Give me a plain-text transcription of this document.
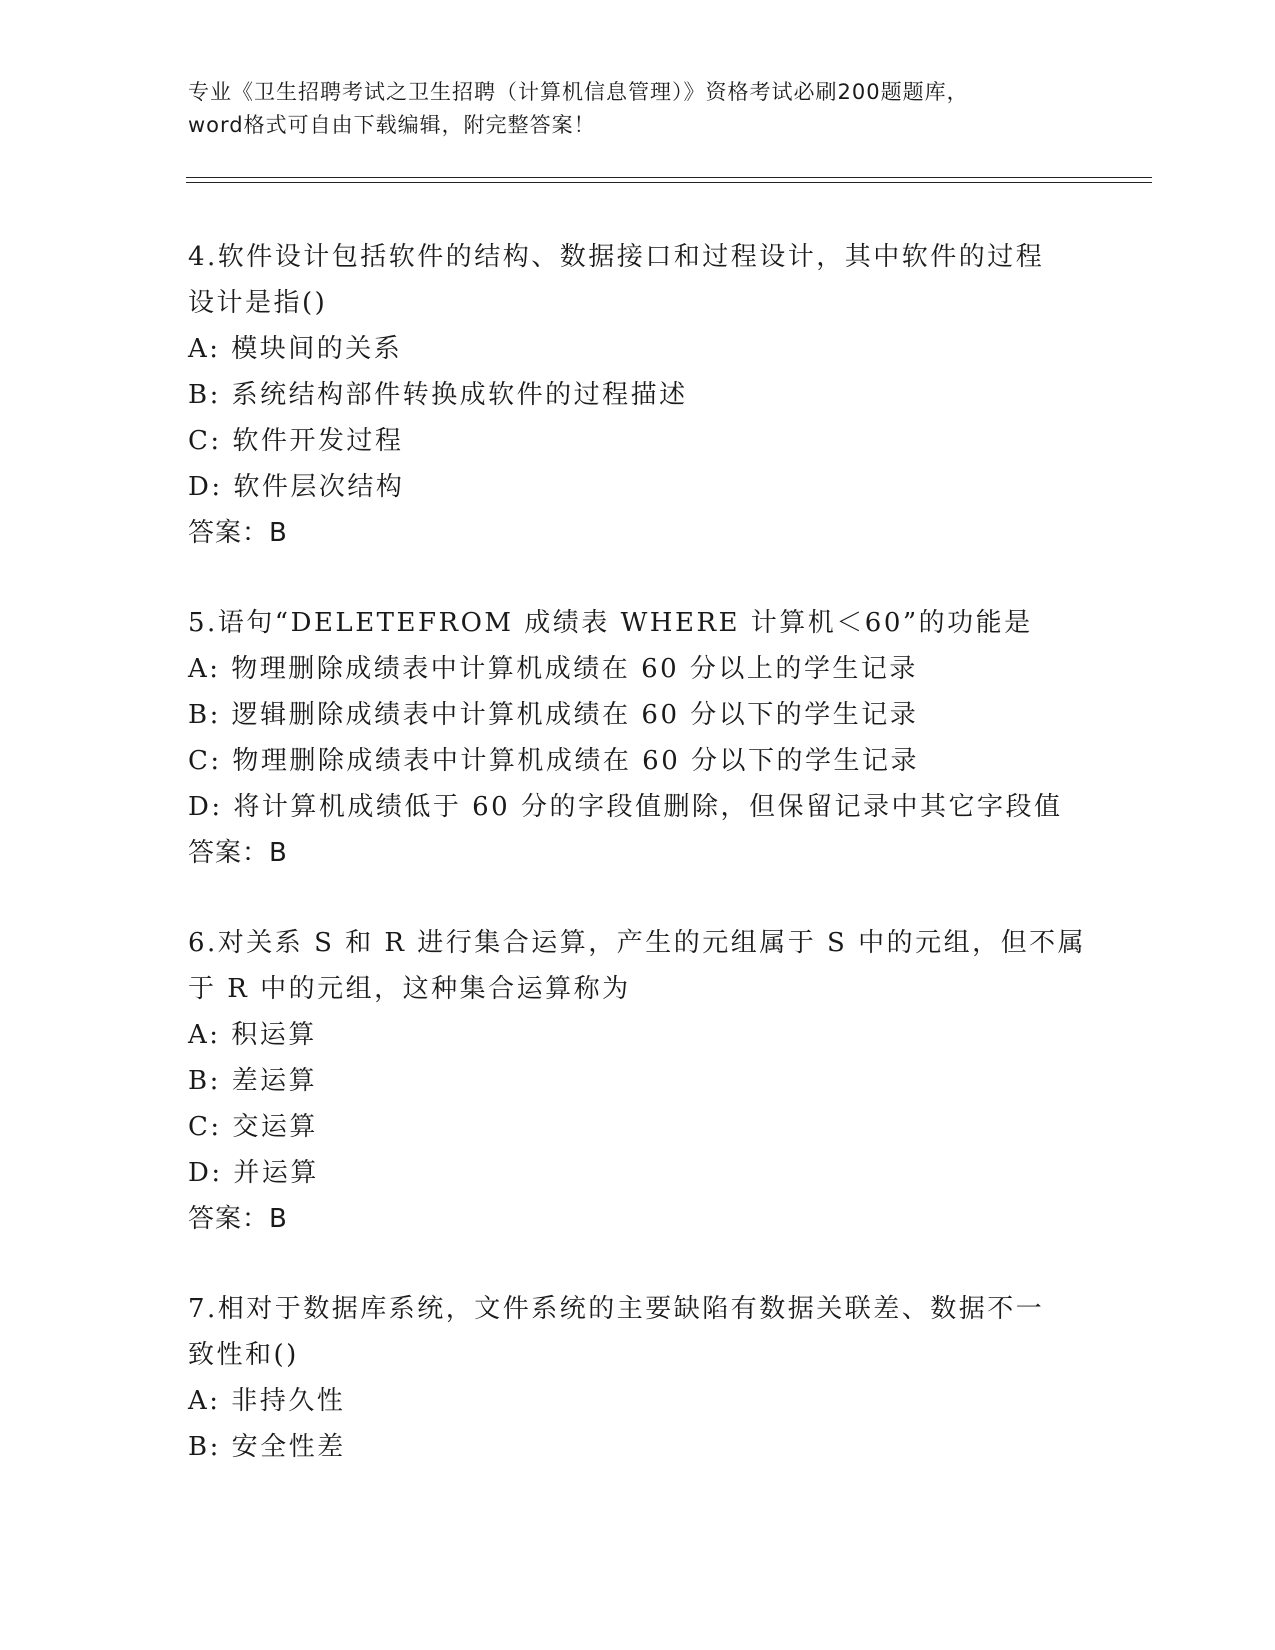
专业《卫生招聘考试之卫生招聘（计算机信息管理）》资格考试必刷200题题库，
word格式可自由下载编辑，附完整答案！
4.软件设计包括软件的结构、数据接口和过程设计，其中软件的过程
设计是指()
A: 模块间的关系
B: 系统结构部件转换成软件的过程描述
C: 软件开发过程
D: 软件层次结构
答案：B
5.语句“DELETEFROM 成绩表 WHERE 计算机＜60”的功能是
A: 物理删除成绩表中计算机成绩在 60 分以上的学生记录
B: 逻辑删除成绩表中计算机成绩在 60 分以下的学生记录
C: 物理删除成绩表中计算机成绩在 60 分以下的学生记录
D: 将计算机成绩低于 60 分的字段值删除，但保留记录中其它字段值
答案：B
6.对关系 S 和 R 进行集合运算，产生的元组属于 S 中的元组，但不属
于 R 中的元组，这种集合运算称为
A: 积运算
B: 差运算
C: 交运算
D: 并运算
答案：B
7.相对于数据库系统，文件系统的主要缺陷有数据关联差、数据不一
致性和()
A: 非持久性
B: 安全性差
